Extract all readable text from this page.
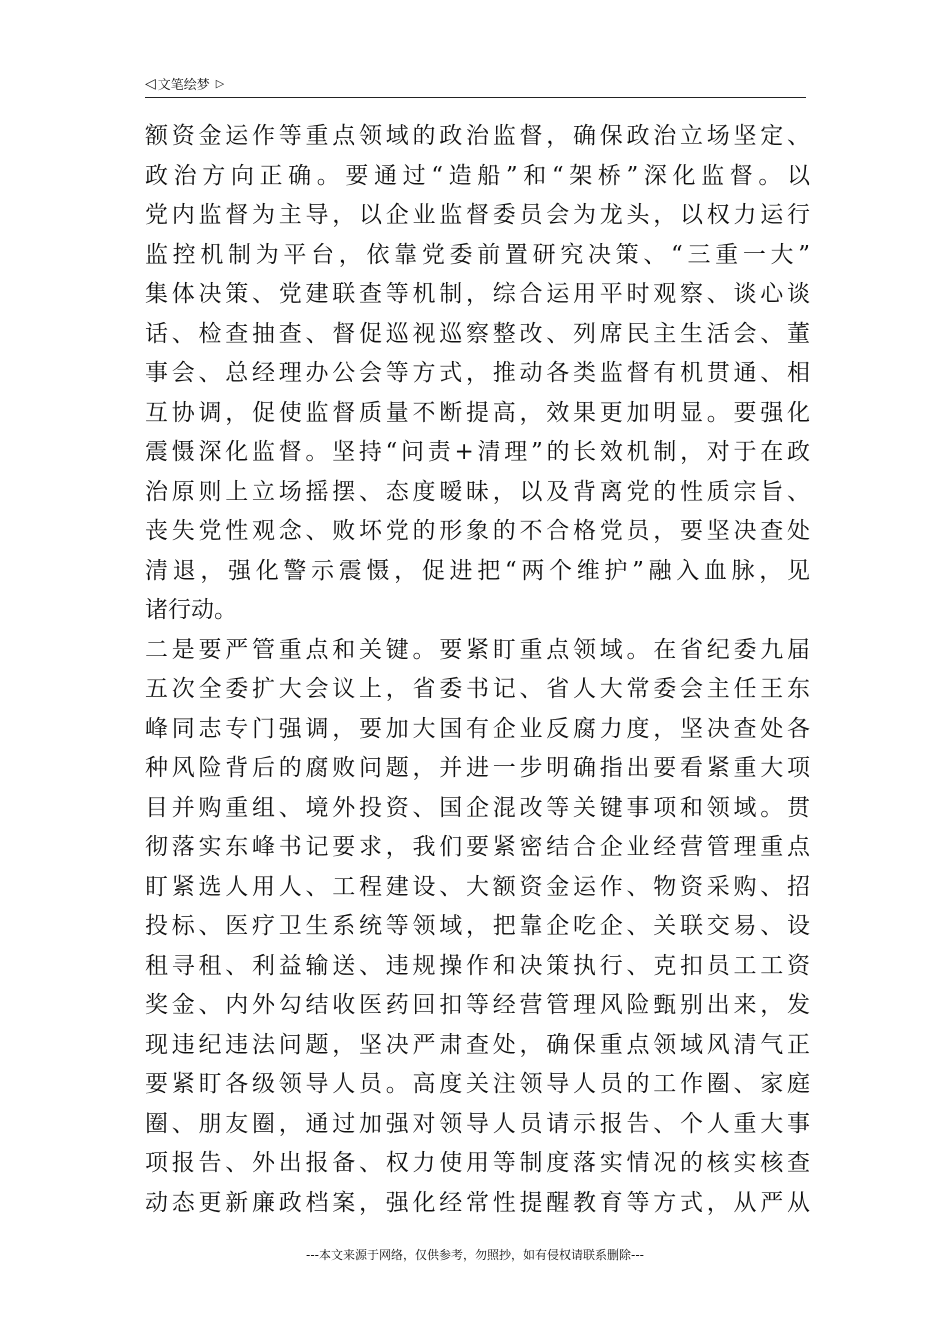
◁ 文笔绘梦 ▷
额资金运作等重点领域的政治监督，确保政治立场坚定、
政治方向正确。要通过“造船”和“架桥”深化监督。以
党内监督为主导，以企业监督委员会为龙头，以权力运行
监控机制为平台，依靠党委前置研究决策、“三重一大”
集体决策、党建联查等机制，综合运用平时观察、谈心谈
话、检查抽查、督促巡视巡察整改、列席民主生活会、董
事会、总经理办公会等方式，推动各类监督有机贯通、相
互协调，促使监督质量不断提高，效果更加明显。要强化
震慑深化监督。坚持“问责+清理”的长效机制，对于在政
治原则上立场摇摆、态度暧昧，以及背离党的性质宗旨、
丧失党性观念、败坏党的形象的不合格党员，要坚决查处
清退，强化警示震慑，促进把“两个维护”融入血脉，见
诸行动。
二是要严管重点和关键。要紧盯重点领域。在省纪委九届
五次全委扩大会议上，省委书记、省人大常委会主任王东
峰同志专门强调，要加大国有企业反腐力度，坚决查处各
种风险背后的腐败问题，并进一步明确指出要看紧重大项
目并购重组、境外投资、国企混改等关键事项和领域。贯
彻落实东峰书记要求，我们要紧密结合企业经营管理重点
盯紧选人用人、工程建设、大额资金运作、物资采购、招
投标、医疗卫生系统等领域，把靠企吃企、关联交易、设
租寻租、利益输送、违规操作和决策执行、克扣员工工资
奖金、内外勾结收医药回扣等经营管理风险甄别出来，发
现违纪违法问题，坚决严肃查处，确保重点领域风清气正
要紧盯各级领导人员。高度关注领导人员的工作圈、家庭
圈、朋友圈，通过加强对领导人员请示报告、个人重大事
项报告、外出报备、权力使用等制度落实情况的核实核查
动态更新廉政档案，强化经常性提醒教育等方式，从严从
---本文来源于网络，仅供参考，勿照抄，如有侵权请联系删除---
